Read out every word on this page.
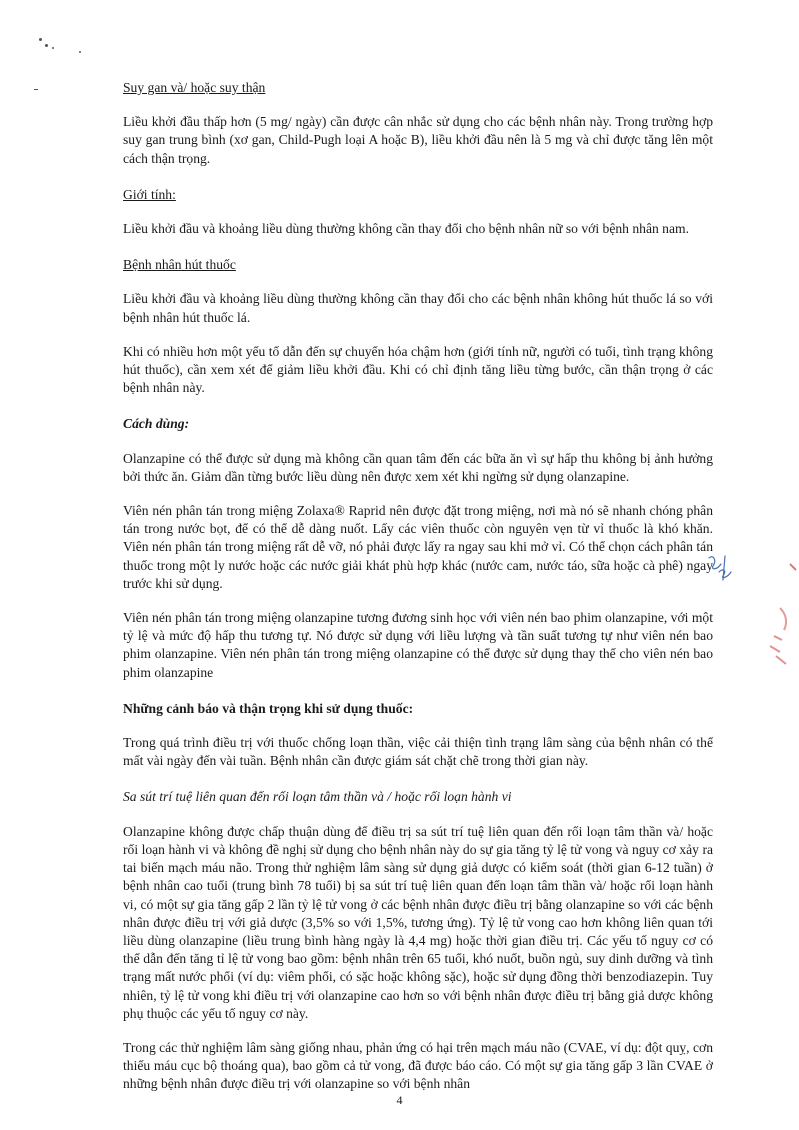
Suy gan và/ hoặc suy thận

Liều khởi đầu thấp hơn (5 mg/ ngày) cần được cân nhắc sử dụng cho các bệnh nhân này. Trong trường hợp suy gan trung bình (xơ gan, Child-Pugh loại A hoặc B), liều khởi đầu nên là 5 mg và chỉ được tăng lên một cách thận trọng.

Giới tính:

Liều khởi đầu và khoảng liều dùng thường không cần thay đổi cho bệnh nhân nữ so với bệnh nhân nam.

Bệnh nhân hút thuốc

Liều khởi đầu và khoảng liều dùng thường không cần thay đổi cho các bệnh nhân không hút thuốc lá so với bệnh nhân hút thuốc lá.

Khi có nhiều hơn một yếu tố dẫn đến sự chuyển hóa chậm hơn (giới tính nữ, người có tuổi, tình trạng không hút thuốc), cần xem xét để giảm liều khởi đầu. Khi có chỉ định tăng liều từng bước, cần thận trọng ở các bệnh nhân này.

Cách dùng:

Olanzapine có thể được sử dụng mà không cần quan tâm đến các bữa ăn vì sự hấp thu không bị ảnh hưởng bởi thức ăn. Giảm dần từng bước liều dùng nên được xem xét khi ngừng sử dụng olanzapine.

Viên nén phân tán trong miệng Zolaxa® Raprid nên được đặt trong miệng, nơi mà nó sẽ nhanh chóng phân tán trong nước bọt, để có thể dễ dàng nuốt. Lấy các viên thuốc còn nguyên vẹn từ vỉ thuốc là khó khăn. Viên nén phân tán trong miệng rất dễ vỡ, nó phải được lấy ra ngay sau khi mở vỉ. Có thể chọn cách phân tán thuốc trong một ly nước hoặc các nước giải khát phù hợp khác (nước cam, nước táo, sữa hoặc cà phê) ngay trước khi sử dụng.

Viên nén phân tán trong miệng olanzapine tương đương sinh học với viên nén bao phim olanzapine, với một tỷ lệ và mức độ hấp thu tương tự. Nó được sử dụng với liều lượng và tần suất tương tự như viên nén bao phim olanzapine. Viên nén phân tán trong miệng olanzapine có thể được sử dụng thay thế cho viên nén bao phim olanzapine

Những cảnh báo và thận trọng khi sử dụng thuốc:

Trong quá trình điều trị với thuốc chống loạn thần, việc cải thiện tình trạng lâm sàng của bệnh nhân có thể mất vài ngày đến vài tuần. Bệnh nhân cần được giám sát chặt chẽ trong thời gian này.

Sa sút trí tuệ liên quan đến rối loạn tâm thần và / hoặc rối loạn hành vi

Olanzapine không được chấp thuận dùng để điều trị sa sút trí tuệ liên quan đến rối loạn tâm thần và/ hoặc rối loạn hành vi và không đề nghị sử dụng cho bệnh nhân này do sự gia tăng tỷ lệ tử vong và nguy cơ xảy ra tai biến mạch máu não. Trong thử nghiệm lâm sàng sử dụng giả dược có kiểm soát (thời gian 6-12 tuần) ở bệnh nhân cao tuổi (trung bình 78 tuổi) bị sa sút trí tuệ liên quan đến loạn tâm thần và/ hoặc rối loạn hành vi, có một sự gia tăng gấp 2 lần tỷ lệ tử vong ở các bệnh nhân được điều trị bằng olanzapine so với các bệnh nhân được điều trị với giả dược (3,5% so với 1,5%, tương ứng). Tỷ lệ tử vong cao hơn không liên quan tới liều dùng olanzapine (liều trung bình hàng ngày là 4,4 mg) hoặc thời gian điều trị. Các yếu tố nguy cơ có thể dẫn đến tăng tỉ lệ tử vong bao gồm: bệnh nhân trên 65 tuổi, khó nuốt, buồn ngủ, suy dinh dưỡng và tình trạng mất nước phổi (ví dụ: viêm phổi, có sặc hoặc không sặc), hoặc sử dụng đồng thời benzodiazepin. Tuy nhiên, tỷ lệ tử vong khi điều trị với olanzapine cao hơn so với bệnh nhân được điều trị bằng giả dược không phụ thuộc các yếu tố nguy cơ này.

Trong các thử nghiệm lâm sàng giống nhau, phản ứng có hại trên mạch máu não (CVAE, ví dụ: đột quỵ, cơn thiếu máu cục bộ thoáng qua), bao gồm cả tử vong, đã được báo cáo. Có một sự gia tăng gấp 3 lần CVAE ở những bệnh nhân được điều trị với olanzapine so với bệnh nhân

4
